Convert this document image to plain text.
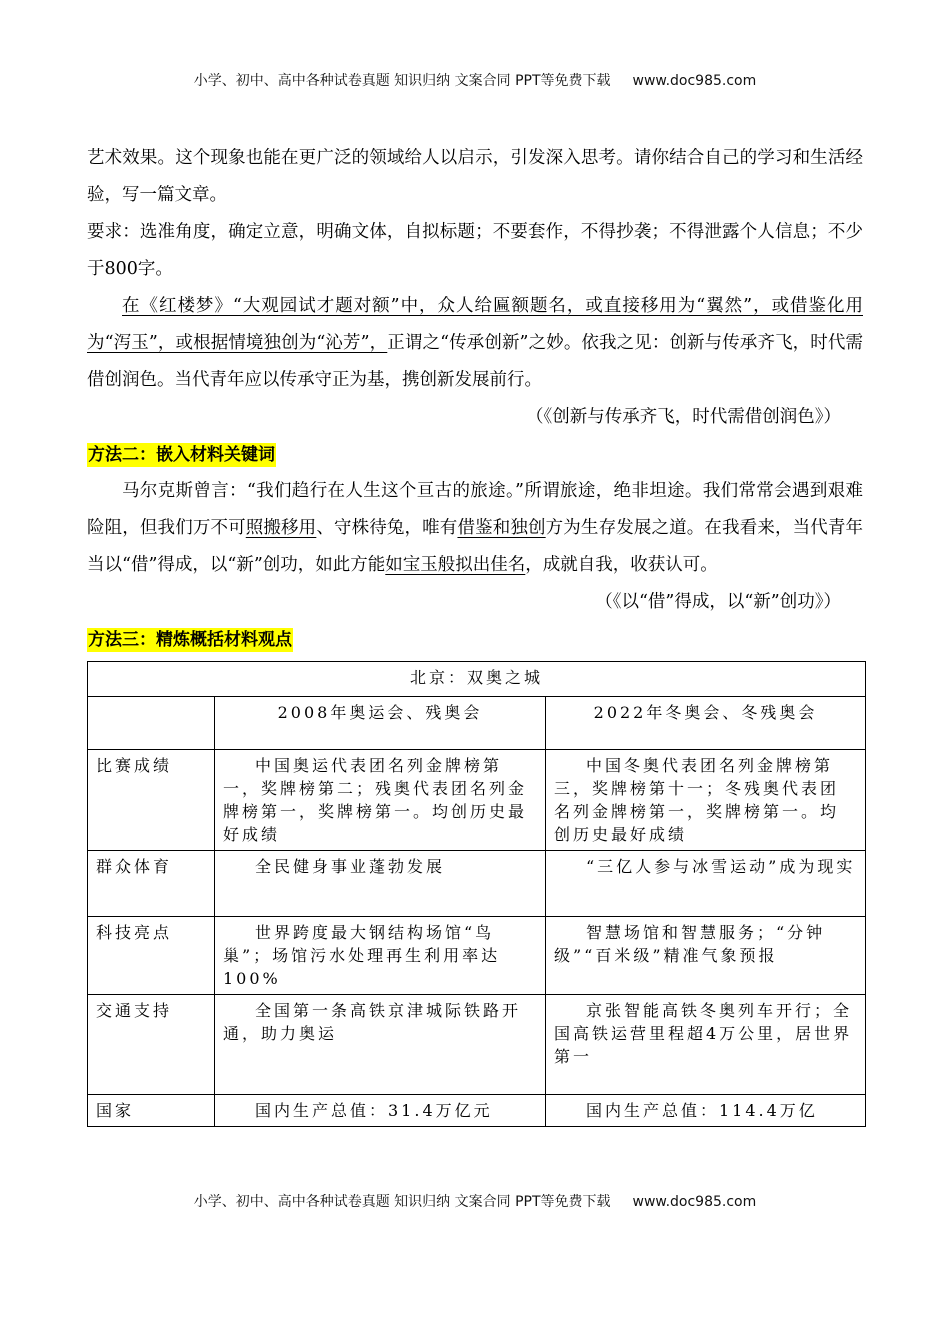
小学、初中、高中各种试卷真题 知识归纳 文案合同 PPT等免费下载 www.doc985.com

艺术效果。这个现象也能在更广泛的领域给人以启示，引发深入思考。请你结合自己的学习和生活经验，写一篇文章。

要求：选准角度，确定立意，明确文体，自拟标题；不要套作，不得抄袭；不得泄露个人信息；不少于800字。

在《红楼梦》“大观园试才题对额”中，众人给匾额题名，或直接移用为“翼然”，或借鉴化用为“泻玉”，或根据情境独创为“沁芳”，正谓之“传承创新”之妙。依我之见：创新与传承齐飞，时代需借创润色。当代青年应以传承守正为基，携创新发展前行。

（《创新与传承齐飞，时代需借创润色》）
方法二：嵌入材料关键词

马尔克斯曾言：“我们趋行在人生这个亘古的旅途。”所谓旅途，绝非坦途。我们常常会遇到艰难险阻，但我们万不可照搬移用、守株待兔，唯有借鉴和独创方为生存发展之道。在我看来，当代青年当以“借”得成，以“新”创功，如此方能如宝玉般拟出佳名，成就自我，收获认可。

（《以“借”得成，以“新”创功》）
方法三：精炼概括材料观点
北京：双奥之城		
	2008年奥运会、残奥会	2022年冬奥会、冬残奥会
比赛成绩	中国奥运代表团名列金牌榜第一，奖牌榜第二；残奥代表团名列金牌榜第一，奖牌榜第一。均创历史最好成绩	中国冬奥代表团名列金牌榜第三，奖牌榜第十一；冬残奥代表团名列金牌榜第一，奖牌榜第一。均创历史最好成绩
群众体育	全民健身事业蓬勃发展	“三亿人参与冰雪运动”成为现实
科技亮点	世界跨度最大钢结构场馆“鸟巢”；场馆污水处理再生利用率达100%	智慧场馆和智慧服务；“分钟级”“百米级”精准气象预报
交通支持	全国第一条高铁京津城际铁路开通，助力奥运	京张智能高铁冬奥列车开行；全国高铁运营里程超4万公里，居世界第一
国家	国内生产总值：31.4万亿元	国内生产总值：114.4万亿
小学、初中、高中各种试卷真题 知识归纳 文案合同 PPT等免费下载 www.doc985.com
